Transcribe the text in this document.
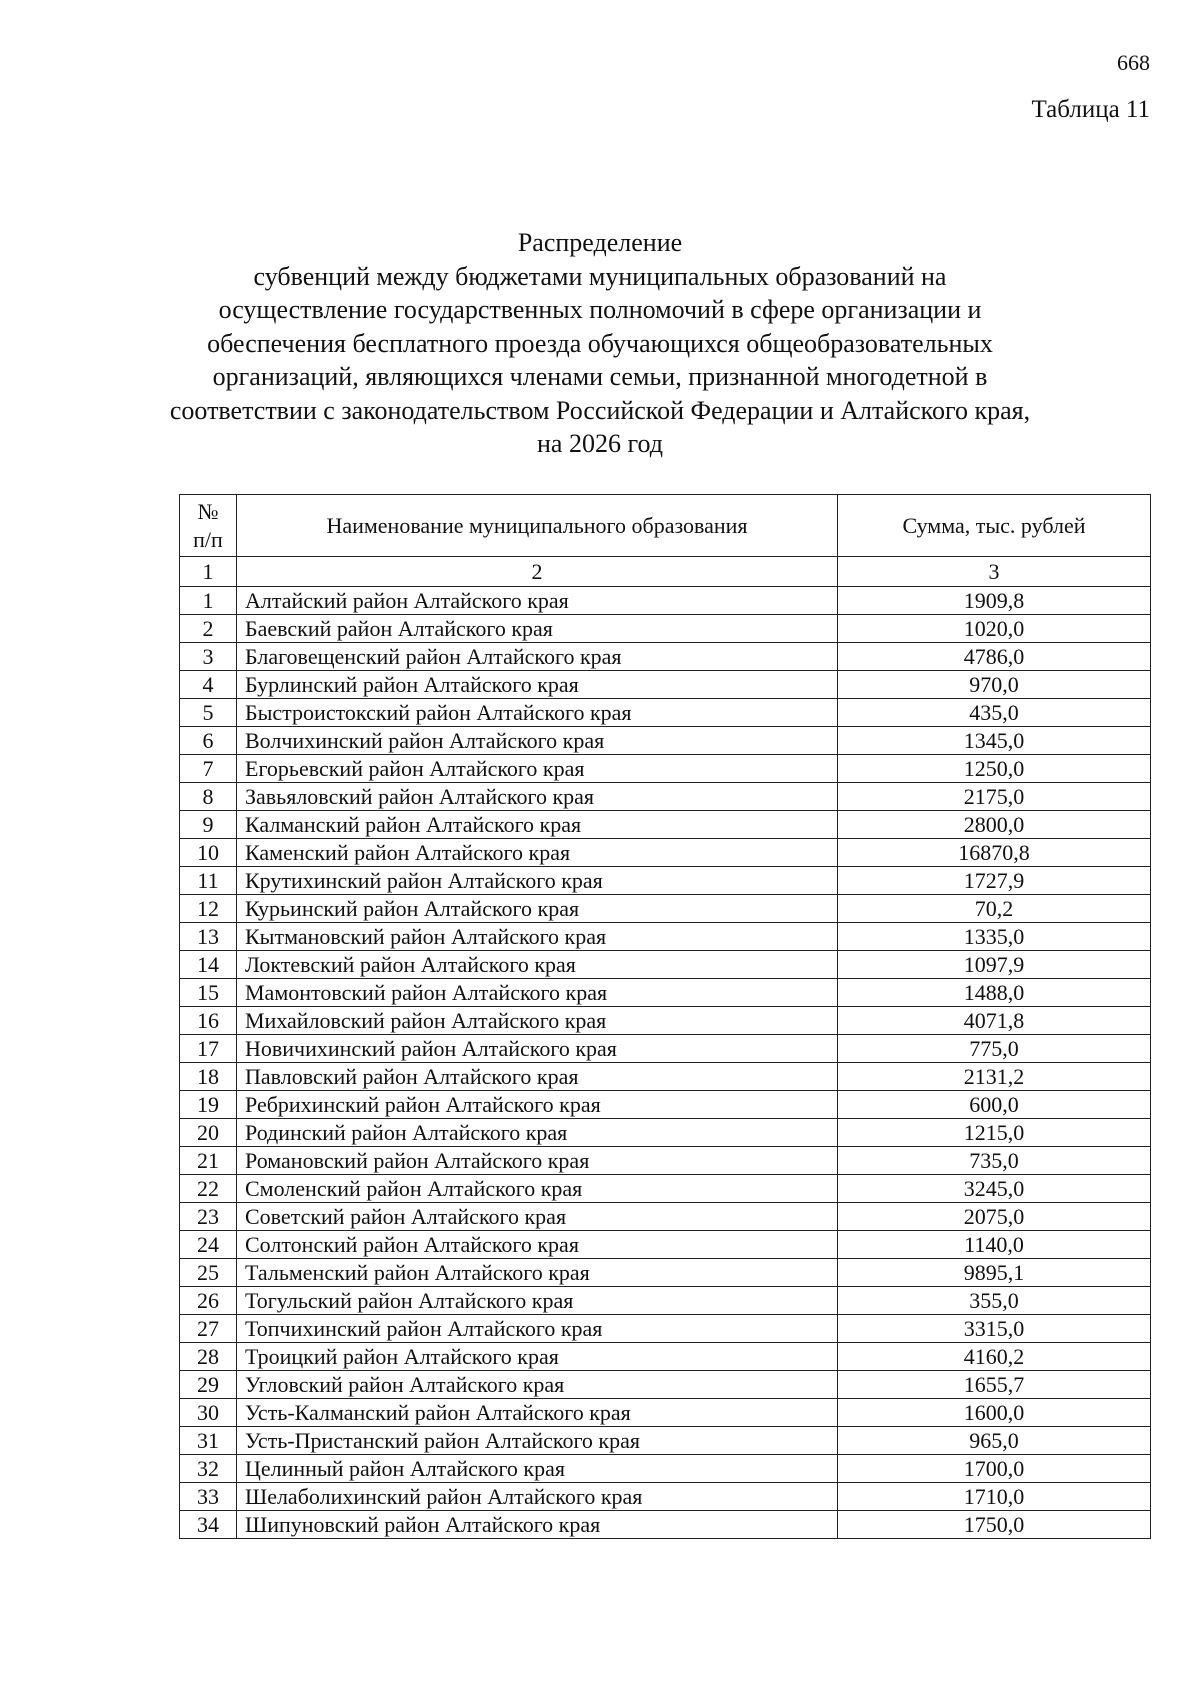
668
Таблица 11
Распределение
субвенций между бюджетами муниципальных образований на
осуществление государственных полномочий в сфере организации и
обеспечения бесплатного проезда обучающихся общеобразовательных
организаций, являющихся членами семьи, признанной многодетной в
соответствии с законодательством Российской Федерации и Алтайского края,
на 2026 год
№ п/п	Наименование муниципального образования	Сумма, тыс. рублей
1	2	3
1	Алтайский район Алтайского края	1909,8
2	Баевский район Алтайского края	1020,0
3	Благовещенский район Алтайского края	4786,0
4	Бурлинский район Алтайского края	970,0
5	Быстроистокский район Алтайского края	435,0
6	Волчихинский район Алтайского края	1345,0
7	Егорьевский район Алтайского края	1250,0
8	Завьяловский район Алтайского края	2175,0
9	Калманский район Алтайского края	2800,0
10	Каменский район Алтайского края	16870,8
11	Крутихинский район Алтайского края	1727,9
12	Курьинский район Алтайского края	70,2
13	Кытмановский район Алтайского края	1335,0
14	Локтевский район Алтайского края	1097,9
15	Мамонтовский район Алтайского края	1488,0
16	Михайловский район Алтайского края	4071,8
17	Новичихинский район Алтайского края	775,0
18	Павловский район Алтайского края	2131,2
19	Ребрихинский район Алтайского края	600,0
20	Родинский район Алтайского края	1215,0
21	Романовский район Алтайского края	735,0
22	Смоленский район Алтайского края	3245,0
23	Советский район Алтайского края	2075,0
24	Солтонский район Алтайского края	1140,0
25	Тальменский район Алтайского края	9895,1
26	Тогульский район Алтайского края	355,0
27	Топчихинский район Алтайского края	3315,0
28	Троицкий район Алтайского края	4160,2
29	Угловский район Алтайского края	1655,7
30	Усть-Калманский район Алтайского края	1600,0
31	Усть-Пристанский район Алтайского края	965,0
32	Целинный район Алтайского края	1700,0
33	Шелаболихинский район Алтайского края	1710,0
34	Шипуновский район Алтайского края	1750,0
